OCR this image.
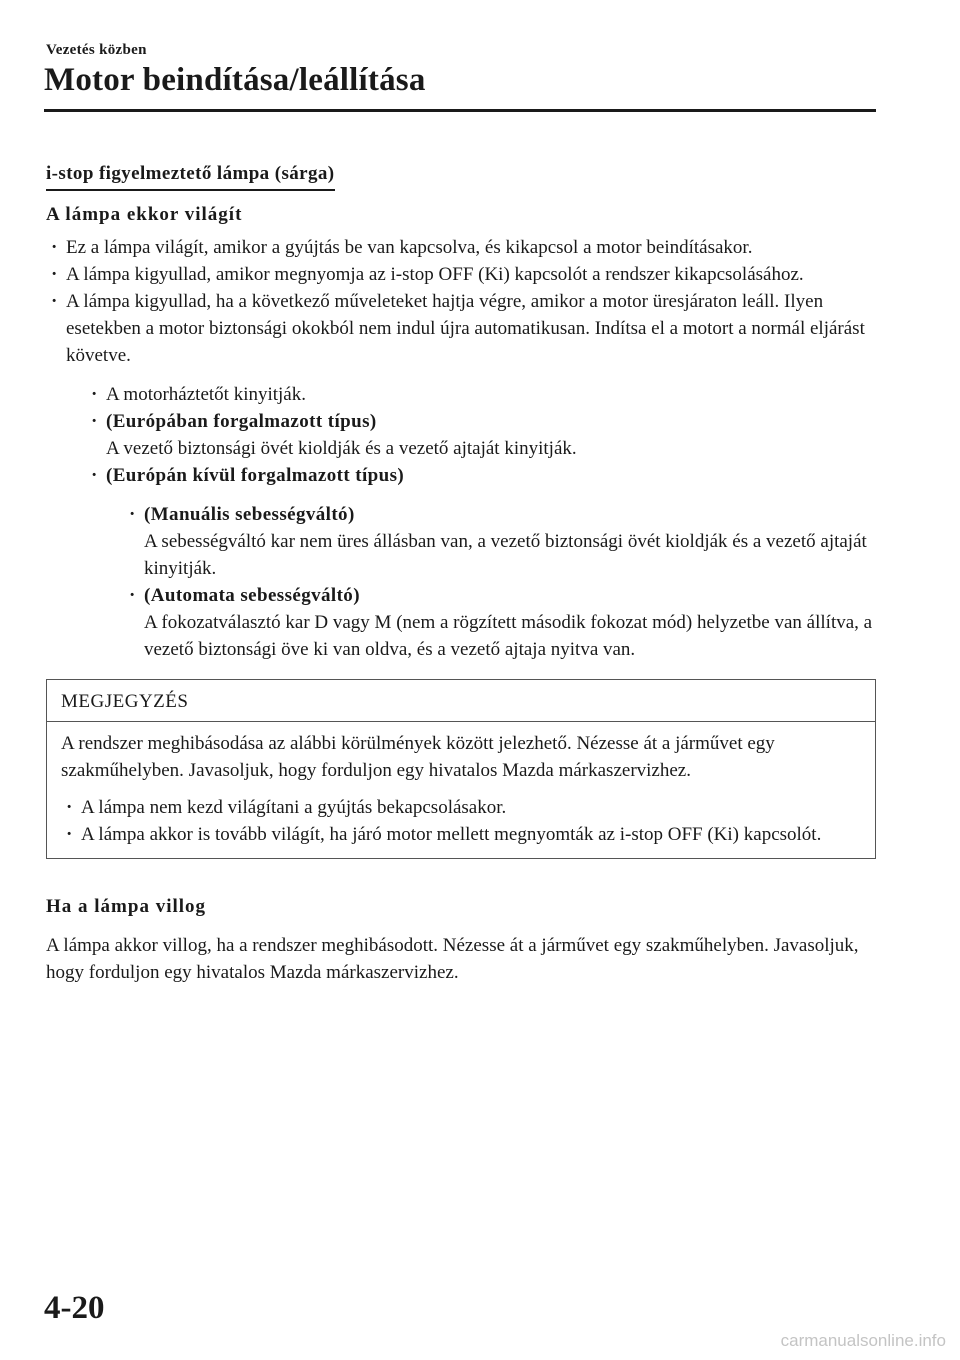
Vezetés közben
Motor beindítása/leállítása
i-stop figyelmeztető lámpa (sárga)

A lámpa ekkor világít

· Ez a lámpa világít, amikor a gyújtás be van kapcsolva, és kikapcsol a motor beindításakor.
· A lámpa kigyullad, amikor megnyomja az i-stop OFF (Ki) kapcsolót a rendszer kikapcsolásához.
· A lámpa kigyullad, ha a következő műveleteket hajtja végre, amikor a motor üresjáraton leáll. Ilyen esetekben a motor biztonsági okokból nem indul újra automatikusan. Indítsa el a motort a normál eljárást követve.
· A motorháztetőt kinyitják.
· (Európában forgalmazott típus)
A vezető biztonsági övét kioldják és a vezető ajtaját kinyitják.
· (Európán kívül forgalmazott típus)
· (Manuális sebességváltó)
A sebességváltó kar nem üres állásban van, a vezető biztonsági övét kioldják és a vezető ajtaját kinyitják.
· (Automata sebességváltó)
A fokozatválasztó kar D vagy M (nem a rögzített második fokozat mód) helyzetbe van állítva, a vezető biztonsági öve ki van oldva, és a vezető ajtaja nyitva van.
MEGJEGYZÉS

A rendszer meghibásodása az alábbi körülmények között jelezhető. Nézesse át a járművet egy szakműhelyben. Javasoljuk, hogy forduljon egy hivatalos Mazda márkaszervizhez.

· A lámpa nem kezd világítani a gyújtás bekapcsolásakor.
· A lámpa akkor is tovább világít, ha járó motor mellett megnyomták az i-stop OFF (Ki) kapcsolót.

Ha a lámpa villog

A lámpa akkor villog, ha a rendszer meghibásodott. Nézesse át a járművet egy szakműhelyben. Javasoljuk, hogy forduljon egy hivatalos Mazda márkaszervizhez.

4-20
carmanualsonline.info
